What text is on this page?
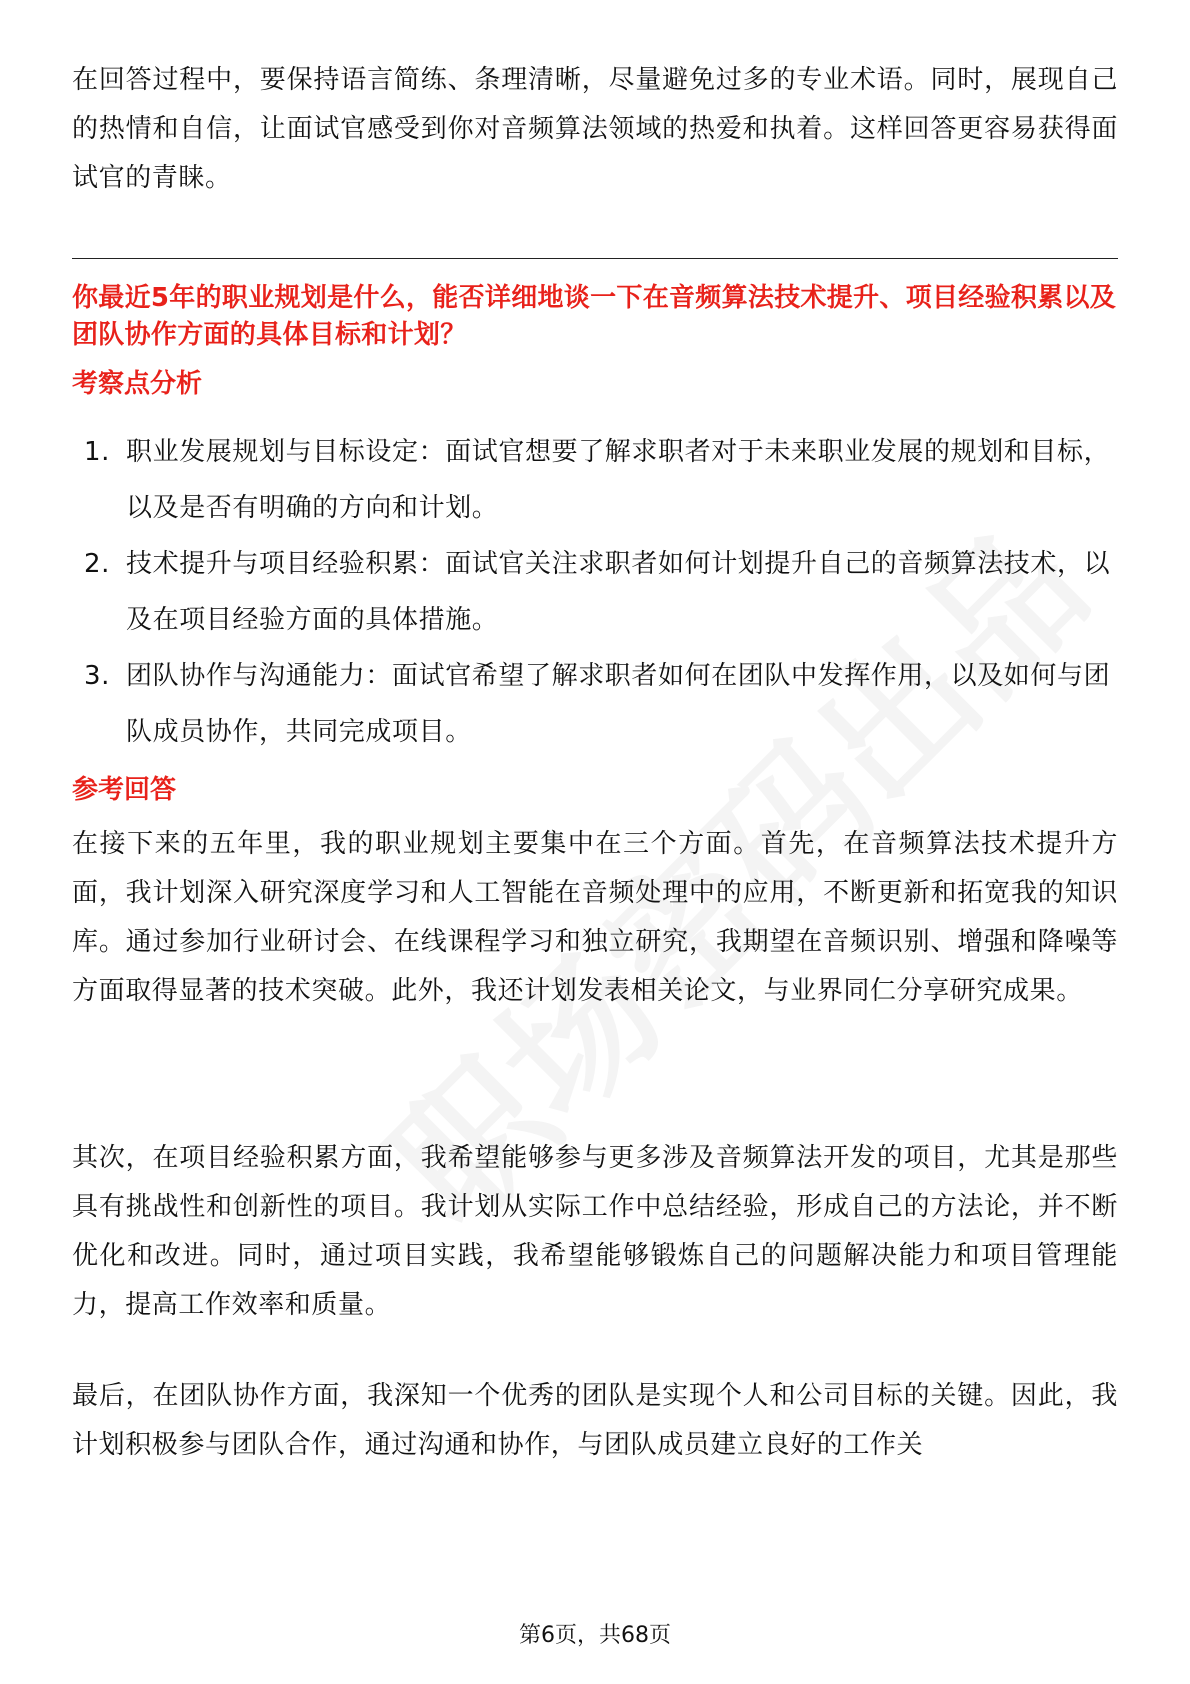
在回答过程中，要保持语言简练、条理清晰，尽量避免过多的专业术语。同时，展现自己的热情和自信，让面试官感受到你对音频算法领域的热爱和执着。这样回答更容易获得面试官的青睐。

你最近5年的职业规划是什么，能否详细地谈一下在音频算法技术提升、项目经验积累以及团队协作方面的具体目标和计划？

考察点分析

1. 职业发展规划与目标设定：面试官想要了解求职者对于未来职业发展的规划和目标，以及是否有明确的方向和计划。
2. 技术提升与项目经验积累：面试官关注求职者如何计划提升自己的音频算法技术，以及在项目经验方面的具体措施。
3. 团队协作与沟通能力：面试官希望了解求职者如何在团队中发挥作用，以及如何与团队成员协作，共同完成项目。

参考回答

在接下来的五年里，我的职业规划主要集中在三个方面。首先，在音频算法技术提升方面，我计划深入研究深度学习和人工智能在音频处理中的应用，不断更新和拓宽我的知识库。通过参加行业研讨会、在线课程学习和独立研究，我期望在音频识别、增强和降噪等方面取得显著的技术突破。此外，我还计划发表相关论文，与业界同仁分享研究成果。

其次，在项目经验积累方面，我希望能够参与更多涉及音频算法开发的项目，尤其是那些具有挑战性和创新性的项目。我计划从实际工作中总结经验，形成自己的方法论，并不断优化和改进。同时，通过项目实践，我希望能够锻炼自己的问题解决能力和项目管理能力，提高工作效率和质量。

最后，在团队协作方面，我深知一个优秀的团队是实现个人和公司目标的关键。因此，我计划积极参与团队合作，通过沟通和协作，与团队成员建立良好的工作关

第6页，共68页
